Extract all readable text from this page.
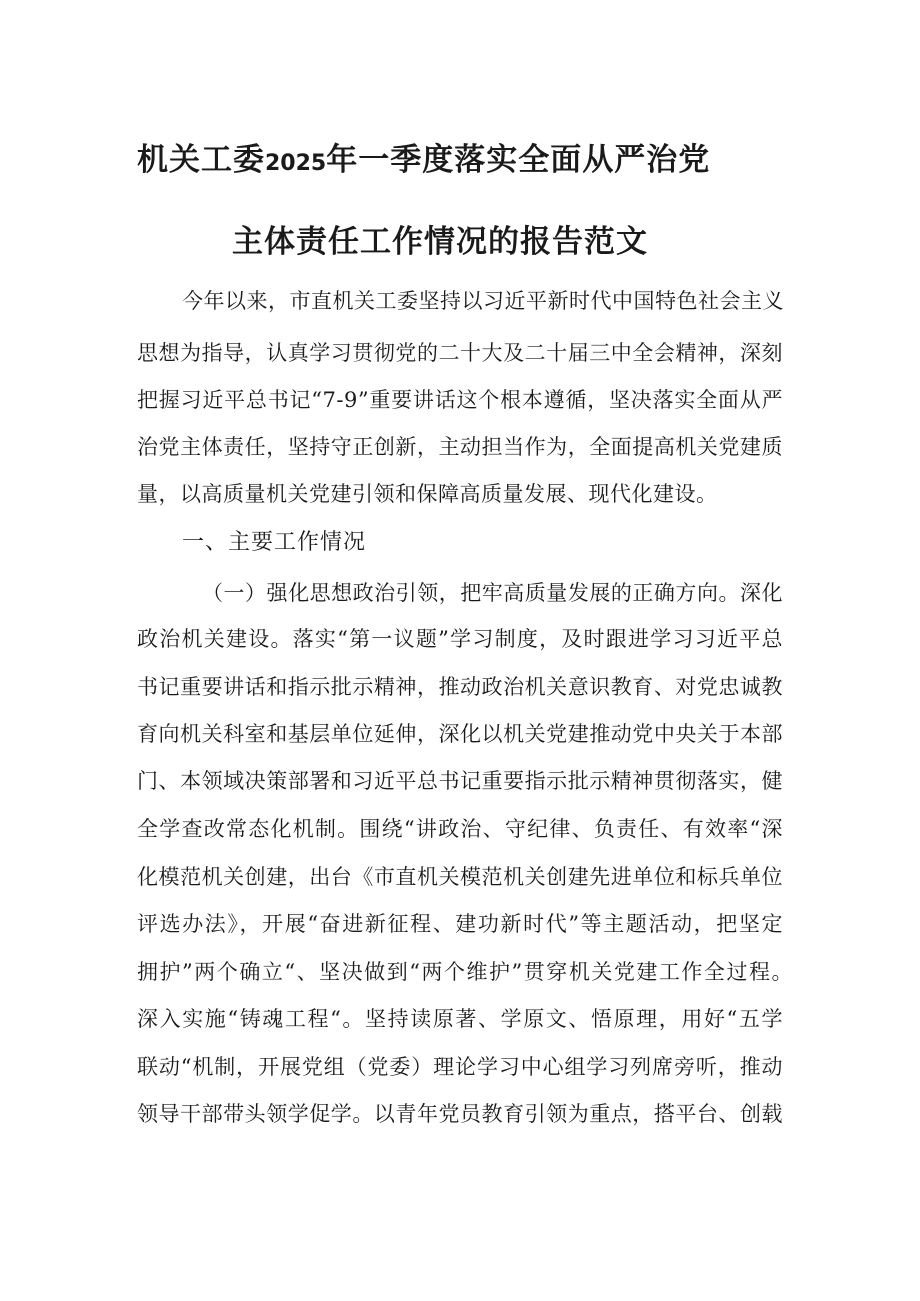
机关工委2025年一季度落实全面从严治党
主体责任工作情况的报告范文
今年以来，市直机关工委坚持以习近平新时代中国特色社会主义
思想为指导，认真学习贯彻党的二十大及二十届三中全会精神，深刻
把握习近平总书记“7-9”重要讲话这个根本遵循，坚决落实全面从严
治党主体责任，坚持守正创新，主动担当作为，全面提高机关党建质
量，以高质量机关党建引领和保障高质量发展、现代化建设。
一、主要工作情况
（一）强化思想政治引领，把牢高质量发展的正确方向。深化
政治机关建设。落实“第一议题”学习制度，及时跟进学习习近平总
书记重要讲话和指示批示精神，推动政治机关意识教育、对党忠诚教
育向机关科室和基层单位延伸，深化以机关党建推动党中央关于本部
门、本领域决策部署和习近平总书记重要指示批示精神贯彻落实，健
全学查改常态化机制。围绕“讲政治、守纪律、负责任、有效率“深
化模范机关创建，出台《市直机关模范机关创建先进单位和标兵单位
评选办法》，开展“奋进新征程、建功新时代”等主题活动，把坚定
拥护”两个确立“、坚决做到“两个维护”贯穿机关党建工作全过程。
深入实施“铸魂工程“。坚持读原著、学原文、悟原理，用好“五学
联动“机制，开展党组（党委）理论学习中心组学习列席旁听，推动
领导干部带头领学促学。以青年党员教育引领为重点，搭平台、创载
